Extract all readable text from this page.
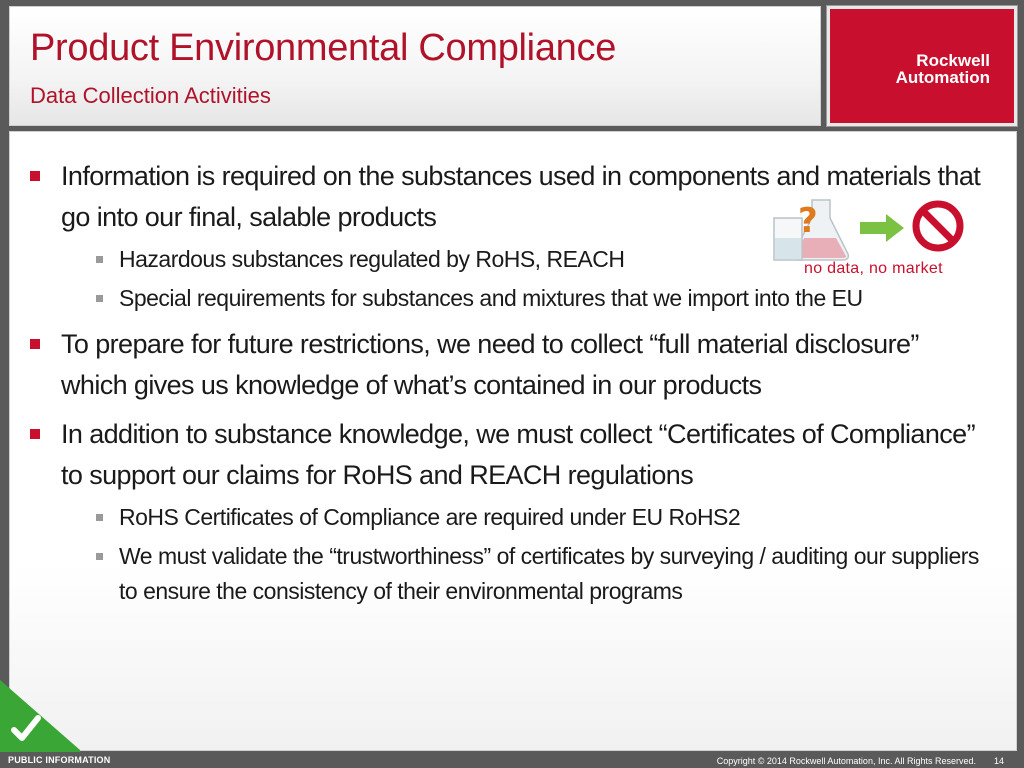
Product Environmental Compliance
Data Collection Activities
Rockwell
Automation
Information is required on the substances used in components and materials that go into our final, salable products
Hazardous substances regulated by RoHS, REACH
Special requirements for substances and mixtures that we import into the EU
To prepare for future restrictions, we need to collect “full material disclosure” which gives us knowledge of what’s contained in our products
In addition to substance knowledge, we must collect “Certificates of Compliance” to support our claims for RoHS and REACH regulations
RoHS Certificates of Compliance are required under EU RoHS2
We must validate the “trustworthiness” of certificates by surveying / auditing our suppliers to ensure the consistency of their environmental programs
?
no data, no market
PUBLIC INFORMATION	Copyright © 2014 Rockwell Automation, Inc. All Rights Reserved. 14
